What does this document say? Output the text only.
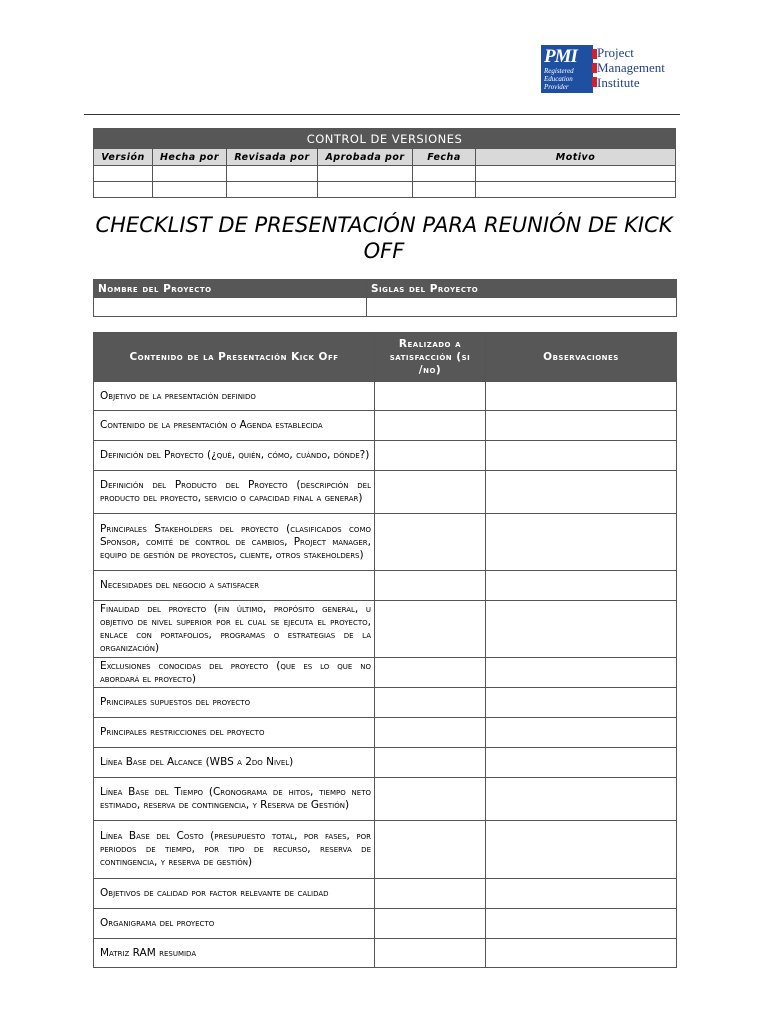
PMI
Registered
Education
Provider
Project
Management
Institute
CONTROL DE VERSIONES					
Versión	Hecha por	Revisada por	Aprobada por	Fecha	Motivo

CHECKLIST DE PRESENTACIÓN PARA REUNIÓN DE KICK OFF
Nombre del Proyecto	Siglas del Proyecto

Contenido de la Presentación Kick Off	Realizado a satisfacción (si /no)	Observaciones
Objetivo de la presentación definido		
Contenido de la presentación o Agenda establecida		
Definición del Proyecto (¿qué, quién, cómo, cuándo, dónde?)		
Definición del Producto del Proyecto (descripción del producto del proyecto, servicio o capacidad final a generar)		
Principales Stakeholders del proyecto (clasificados como Sponsor, comité de control de cambios, Project manager, equipo de gestión de proyectos, cliente, otros stakeholders)		
Necesidades del negocio a satisfacer		
Finalidad del proyecto (fin último, propósito general, u objetivo de nivel superior por el cual se ejecuta el proyecto, enlace con portafolios, programas o estrategias de la organización)		
Exclusiones conocidas del proyecto (que es lo que no abordará el proyecto)		
Principales supuestos del proyecto		
Principales restricciones del proyecto		
Línea Base del Alcance (WBS a 2do Nivel)		
Línea Base del Tiempo (Cronograma de hitos, tiempo neto estimado, reserva de contingencia, y Reserva de Gestión)		
Línea Base del Costo (presupuesto total, por fases, por periodos de tiempo, por tipo de recurso, reserva de contingencia, y reserva de gestión)		
Objetivos de calidad por factor relevante de calidad		
Organigrama del proyecto		
Matriz RAM resumida		
